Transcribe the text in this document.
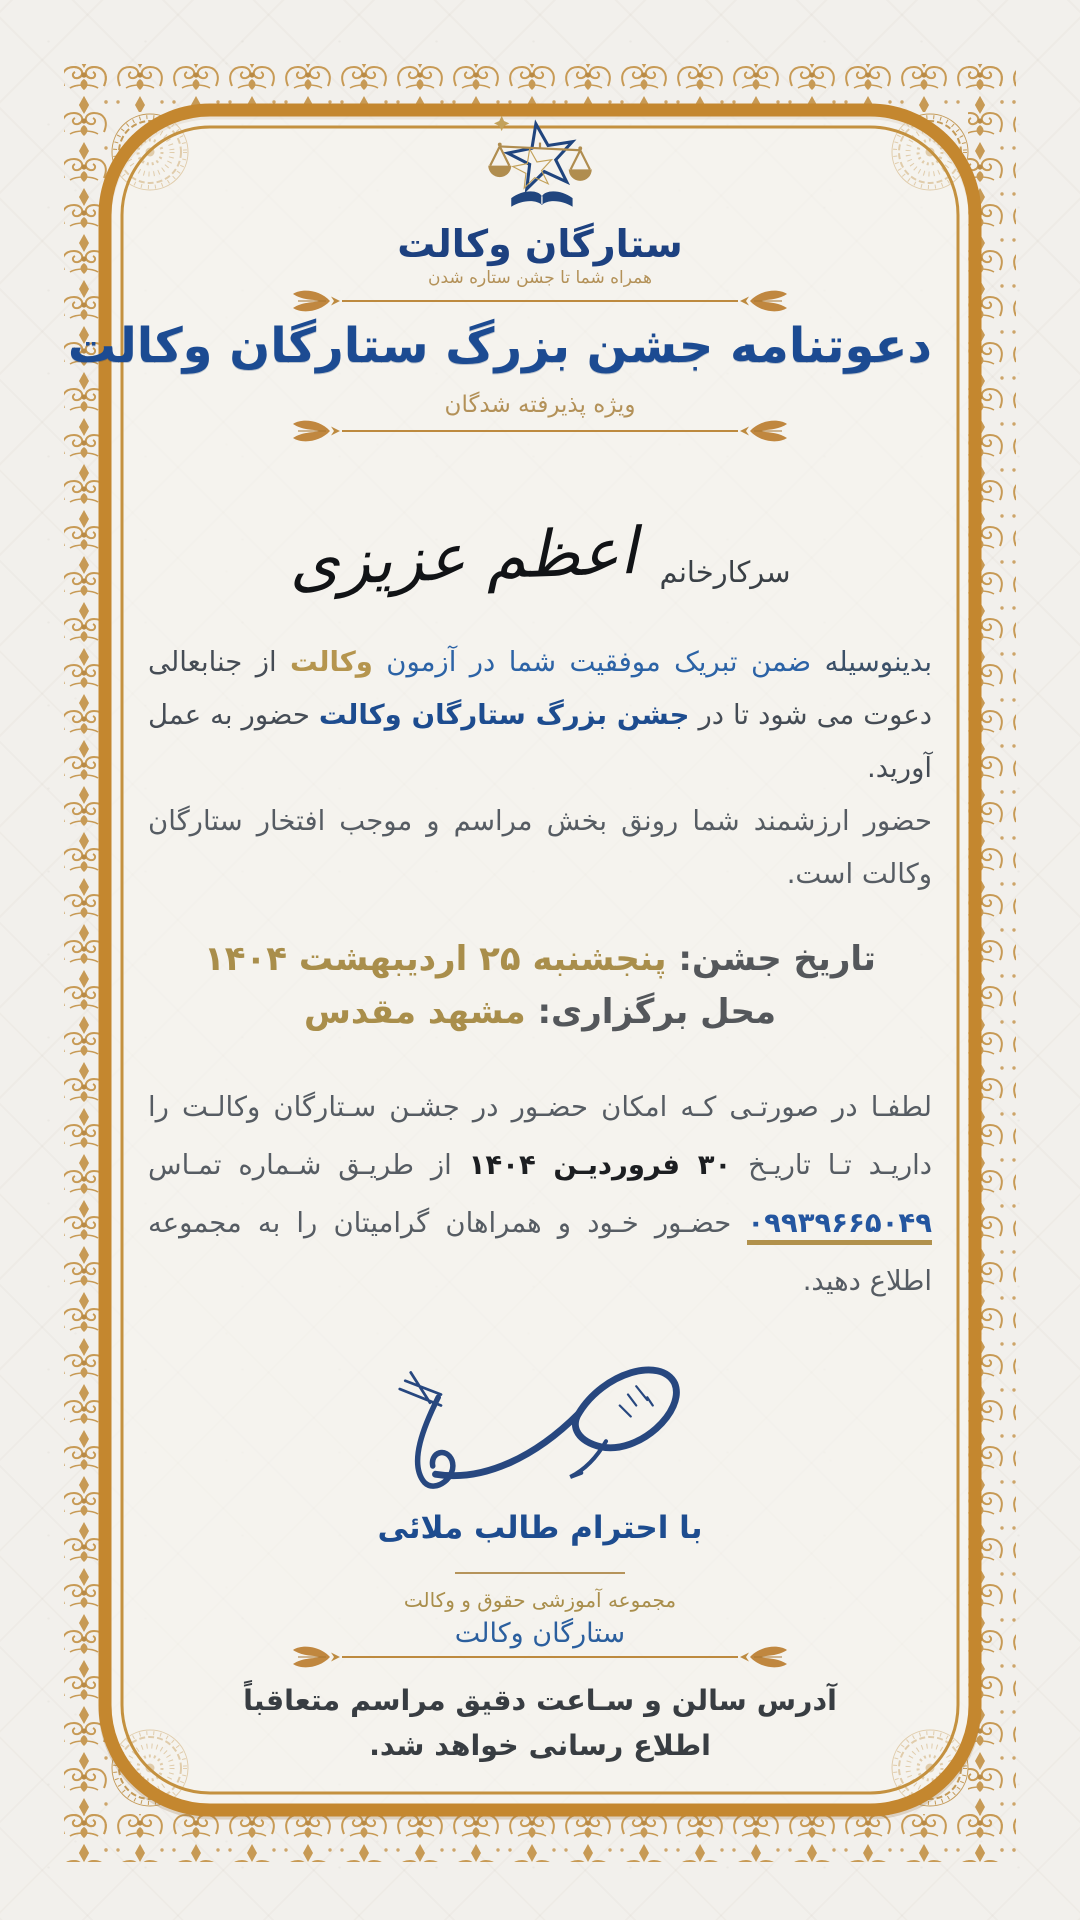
ستارگان وکالت
همراه شما تا جشن ستاره شدن
دعوتنامه جشن بزرگ ستارگان وکالت
ویژه پذیرفته شدگان
سرکارخانم
اعظم عزیزی

بدینوسیله ضمن تبریک موفقیت شما در آزمون وکالت از جنابعالی دعوت می شود تا در جشن بزرگ ستارگان وکالت حضور به عمل آورید.

حضور ارزشمند شما رونق بخش مراسم و موجب افتخار ستارگان وکالت است.

تاریخ جشن: پنجشنبه ۲۵ اردیبهشت ۱۴۰۴
محل برگزاری: مشهد مقدس
لطفـا در صورتـی کـه امکان حضـور در جشـن سـتارگان وکالـت را داریـد تـا تاریـخ ۳۰ فروردیـن ۱۴۰۴ از طریـق شـماره تمـاس ۰۹۹۳۹۶۶۵۰۴۹ حضـور خـود و همراهان گرامیتان را به مجموعه اطلاع دهید.
با احترام طالب ملائی
مجموعه آموزشی حقوق و وکالت
ستارگان وکالت
آدرس سالن و سـاعت دقیق مراسم متعاقباً
اطلاع رسانی خواهد شد.
